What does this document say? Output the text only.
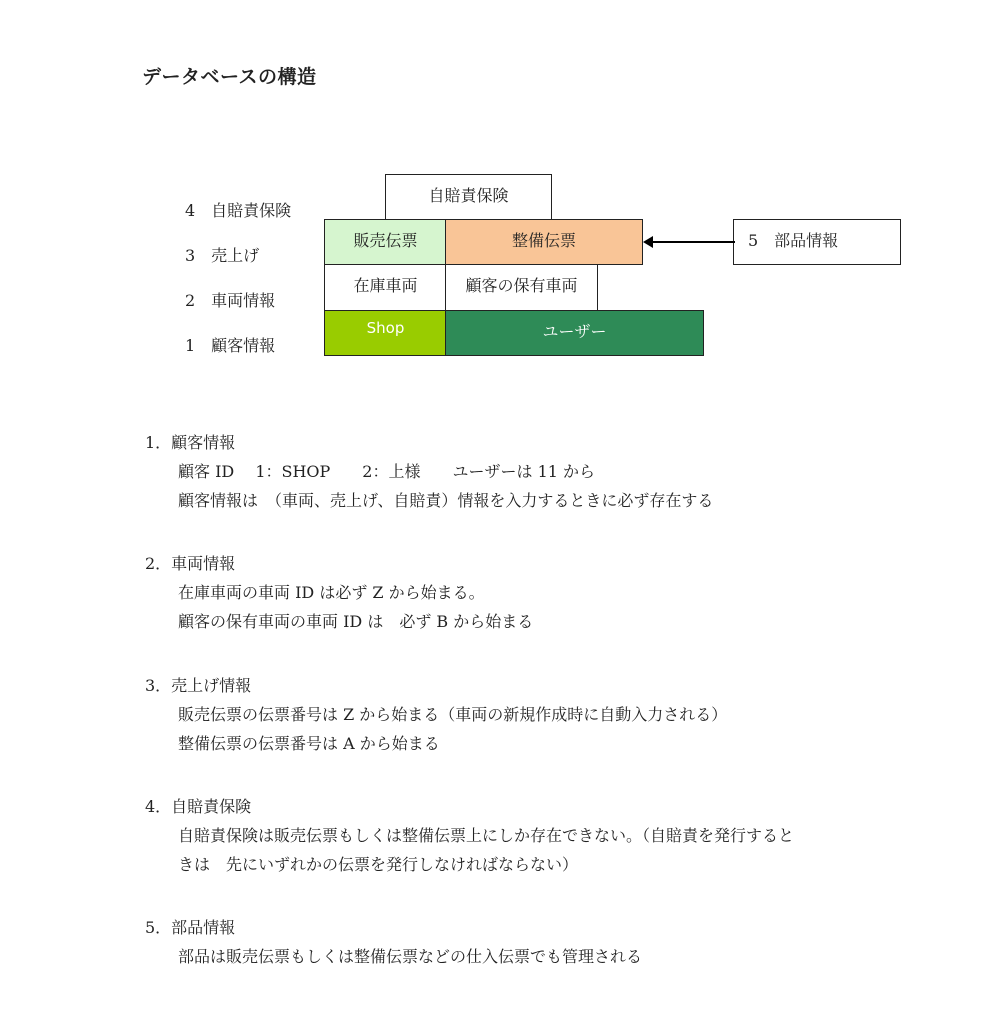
データベースの構造
4　自賠責保険
3　売上げ
2　車両情報
1　顧客情報
自賠責保険
販売伝票	整備伝票	5　部品情報
在庫車両	顧客の保有車両
Shop	ユーザー
1．顧客情報
顧客 ID　 1：SHOP　　2：上様　　ユーザーは 11 から
顧客情報は　（車両、売上げ、自賠責）情報を入力するときに必ず存在する
2．車両情報
在庫車両の車両 ID は必ず Z から始まる。
顧客の保有車両の車両 ID は　必ず B から始まる
3．売上げ情報
販売伝票の伝票番号は Z から始まる（車両の新規作成時に自動入力される）
整備伝票の伝票番号は A から始まる
4．自賠責保険
自賠責保険は販売伝票もしくは整備伝票上にしか存在できない。（自賠責を発行すると
きは　先にいずれかの伝票を発行しなければならない）
5．部品情報
部品は販売伝票もしくは整備伝票などの仕入伝票でも管理される
